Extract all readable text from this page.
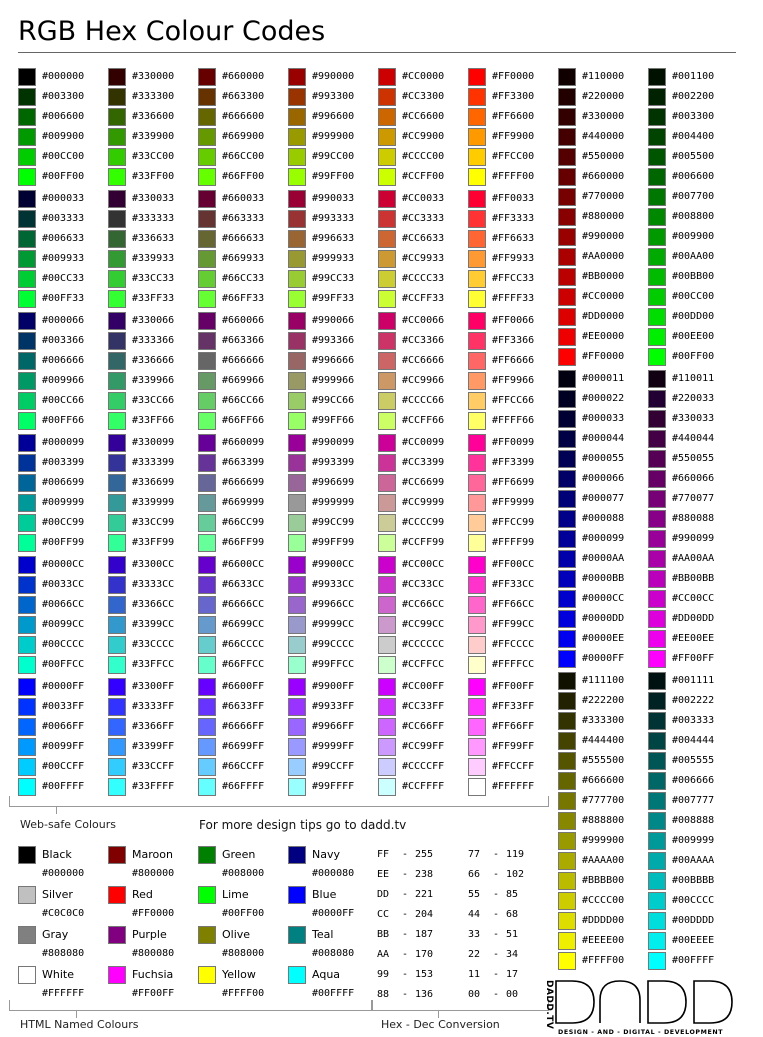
RGB Hex Colour Codes
#000000
#003300
#006600
#009900
#00CC00
#00FF00
#000033
#003333
#006633
#009933
#00CC33
#00FF33
#000066
#003366
#006666
#009966
#00CC66
#00FF66
#000099
#003399
#006699
#009999
#00CC99
#00FF99
#0000CC
#0033CC
#0066CC
#0099CC
#00CCCC
#00FFCC
#0000FF
#0033FF
#0066FF
#0099FF
#00CCFF
#00FFFF
#330000
#333300
#336600
#339900
#33CC00
#33FF00
#330033
#333333
#336633
#339933
#33CC33
#33FF33
#330066
#333366
#336666
#339966
#33CC66
#33FF66
#330099
#333399
#336699
#339999
#33CC99
#33FF99
#3300CC
#3333CC
#3366CC
#3399CC
#33CCCC
#33FFCC
#3300FF
#3333FF
#3366FF
#3399FF
#33CCFF
#33FFFF
#660000
#663300
#666600
#669900
#66CC00
#66FF00
#660033
#663333
#666633
#669933
#66CC33
#66FF33
#660066
#663366
#666666
#669966
#66CC66
#66FF66
#660099
#663399
#666699
#669999
#66CC99
#66FF99
#6600CC
#6633CC
#6666CC
#6699CC
#66CCCC
#66FFCC
#6600FF
#6633FF
#6666FF
#6699FF
#66CCFF
#66FFFF
#990000
#993300
#996600
#999900
#99CC00
#99FF00
#990033
#993333
#996633
#999933
#99CC33
#99FF33
#990066
#993366
#996666
#999966
#99CC66
#99FF66
#990099
#993399
#996699
#999999
#99CC99
#99FF99
#9900CC
#9933CC
#9966CC
#9999CC
#99CCCC
#99FFCC
#9900FF
#9933FF
#9966FF
#9999FF
#99CCFF
#99FFFF
#CC0000
#CC3300
#CC6600
#CC9900
#CCCC00
#CCFF00
#CC0033
#CC3333
#CC6633
#CC9933
#CCCC33
#CCFF33
#CC0066
#CC3366
#CC6666
#CC9966
#CCCC66
#CCFF66
#CC0099
#CC3399
#CC6699
#CC9999
#CCCC99
#CCFF99
#CC00CC
#CC33CC
#CC66CC
#CC99CC
#CCCCCC
#CCFFCC
#CC00FF
#CC33FF
#CC66FF
#CC99FF
#CCCCFF
#CCFFFF
#FF0000
#FF3300
#FF6600
#FF9900
#FFCC00
#FFFF00
#FF0033
#FF3333
#FF6633
#FF9933
#FFCC33
#FFFF33
#FF0066
#FF3366
#FF6666
#FF9966
#FFCC66
#FFFF66
#FF0099
#FF3399
#FF6699
#FF9999
#FFCC99
#FFFF99
#FF00CC
#FF33CC
#FF66CC
#FF99CC
#FFCCCC
#FFFFCC
#FF00FF
#FF33FF
#FF66FF
#FF99FF
#FFCCFF
#FFFFFF
#110000
#220000
#330000
#440000
#550000
#660000
#770000
#880000
#990000
#AA0000
#BB0000
#CC0000
#DD0000
#EE0000
#FF0000
#000011
#000022
#000033
#000044
#000055
#000066
#000077
#000088
#000099
#0000AA
#0000BB
#0000CC
#0000DD
#0000EE
#0000FF
#111100
#222200
#333300
#444400
#555500
#666600
#777700
#888800
#999900
#AAAA00
#BBBB00
#CCCC00
#DDDD00
#EEEE00
#FFFF00
#001100
#002200
#003300
#004400
#005500
#006600
#007700
#008800
#009900
#00AA00
#00BB00
#00CC00
#00DD00
#00EE00
#00FF00
#110011
#220033
#330033
#440044
#550055
#660066
#770077
#880088
#990099
#AA00AA
#BB00BB
#CC00CC
#DD00DD
#EE00EE
#FF00FF
#001111
#002222
#003333
#004444
#005555
#006666
#007777
#008888
#009999
#00AAAA
#00BBBB
#00CCCC
#00DDDD
#00EEEE
#00FFFF
Web-safe Colours	For more design tips go to dadd.tv
Black
#000000
Maroon
#800000
Green
#008000
Navy
#000080
Silver
#C0C0C0
Red
#FF0000
Lime
#00FF00
Blue
#0000FF
Gray
#808080
Purple
#800080
Olive
#808000
Teal
#008080
White
#FFFFFF
Fuchsia
#FF00FF
Yellow
#FFFF00
Aqua
#00FFFF
HTML Named Colours
FF - 255
EE - 238
DD - 221
CC - 204
BB - 187
AA - 170
99 - 153
88 - 136
77 - 119
66 - 102
55 - 85
44 - 68
33 - 51
22 - 34
11 - 17
00 - 00
Hex - Dec Conversion	DADD.TV
DESIGN - AND - DIGITAL - DEVELOPMENT
